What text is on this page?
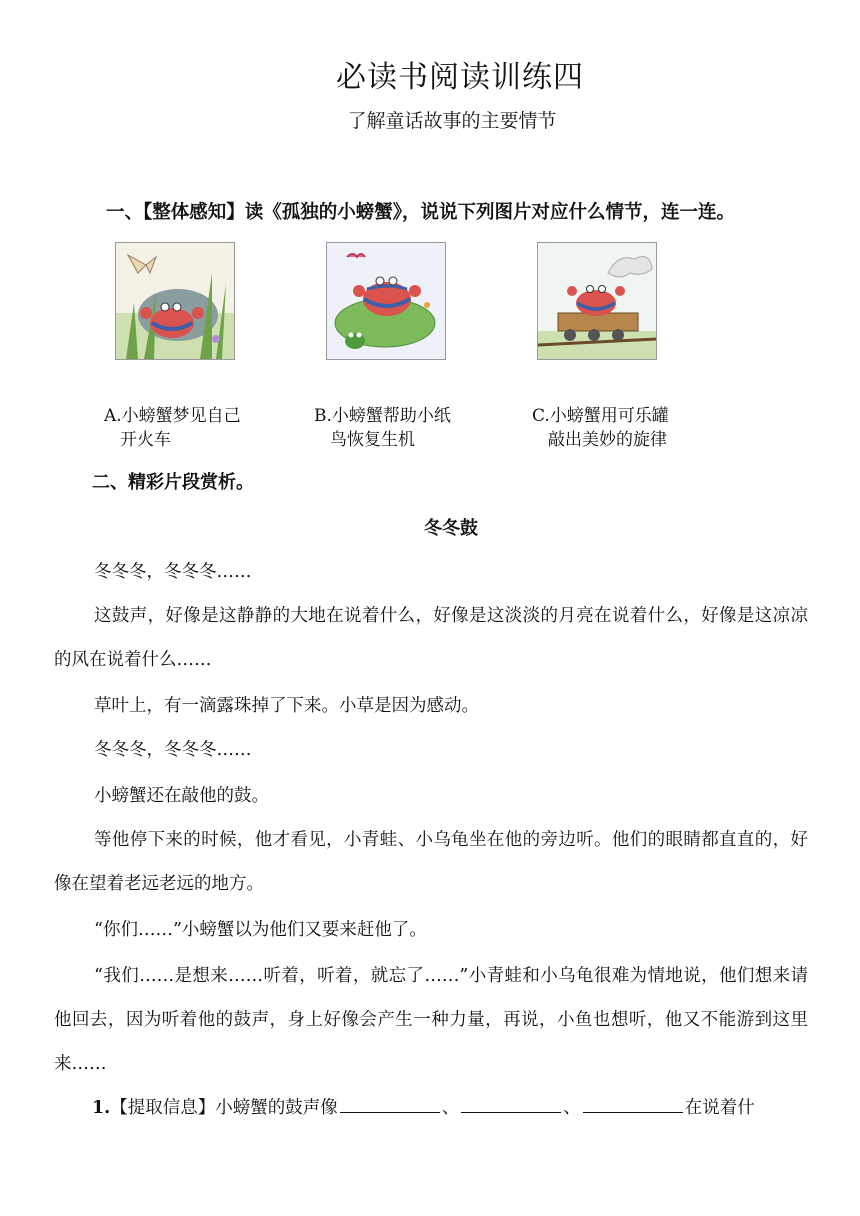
必读书阅读训练四
了解童话故事的主要情节
一、【整体感知】读《孤独的小螃蟹》，说说下列图片对应什么情节，连一连。
A.小螃蟹梦见自己
开火车
B.小螃蟹帮助小纸
鸟恢复生机
C.小螃蟹用可乐罐
敲出美妙的旋律
二、精彩片段赏析。
冬冬鼓
冬冬冬，冬冬冬……
这鼓声，好像是这静静的大地在说着什么，好像是这淡淡的月亮在说着什么，好像是这凉凉的风在说着什么……
草叶上，有一滴露珠掉了下来。小草是因为感动。
冬冬冬，冬冬冬……
小螃蟹还在敲他的鼓。
等他停下来的时候，他才看见，小青蛙、小乌龟坐在他的旁边听。他们的眼睛都直直的，好像在望着老远老远的地方。
“你们……”小螃蟹以为他们又要来赶他了。
“我们……是想来……听着，听着，就忘了……”小青蛙和小乌龟很难为情地说，他们想来请他回去，因为听着他的鼓声，身上好像会产生一种力量，再说，小鱼也想听，他又不能游到这里来……
1.【提取信息】小螃蟹的鼓声像	、	、	在说着什
